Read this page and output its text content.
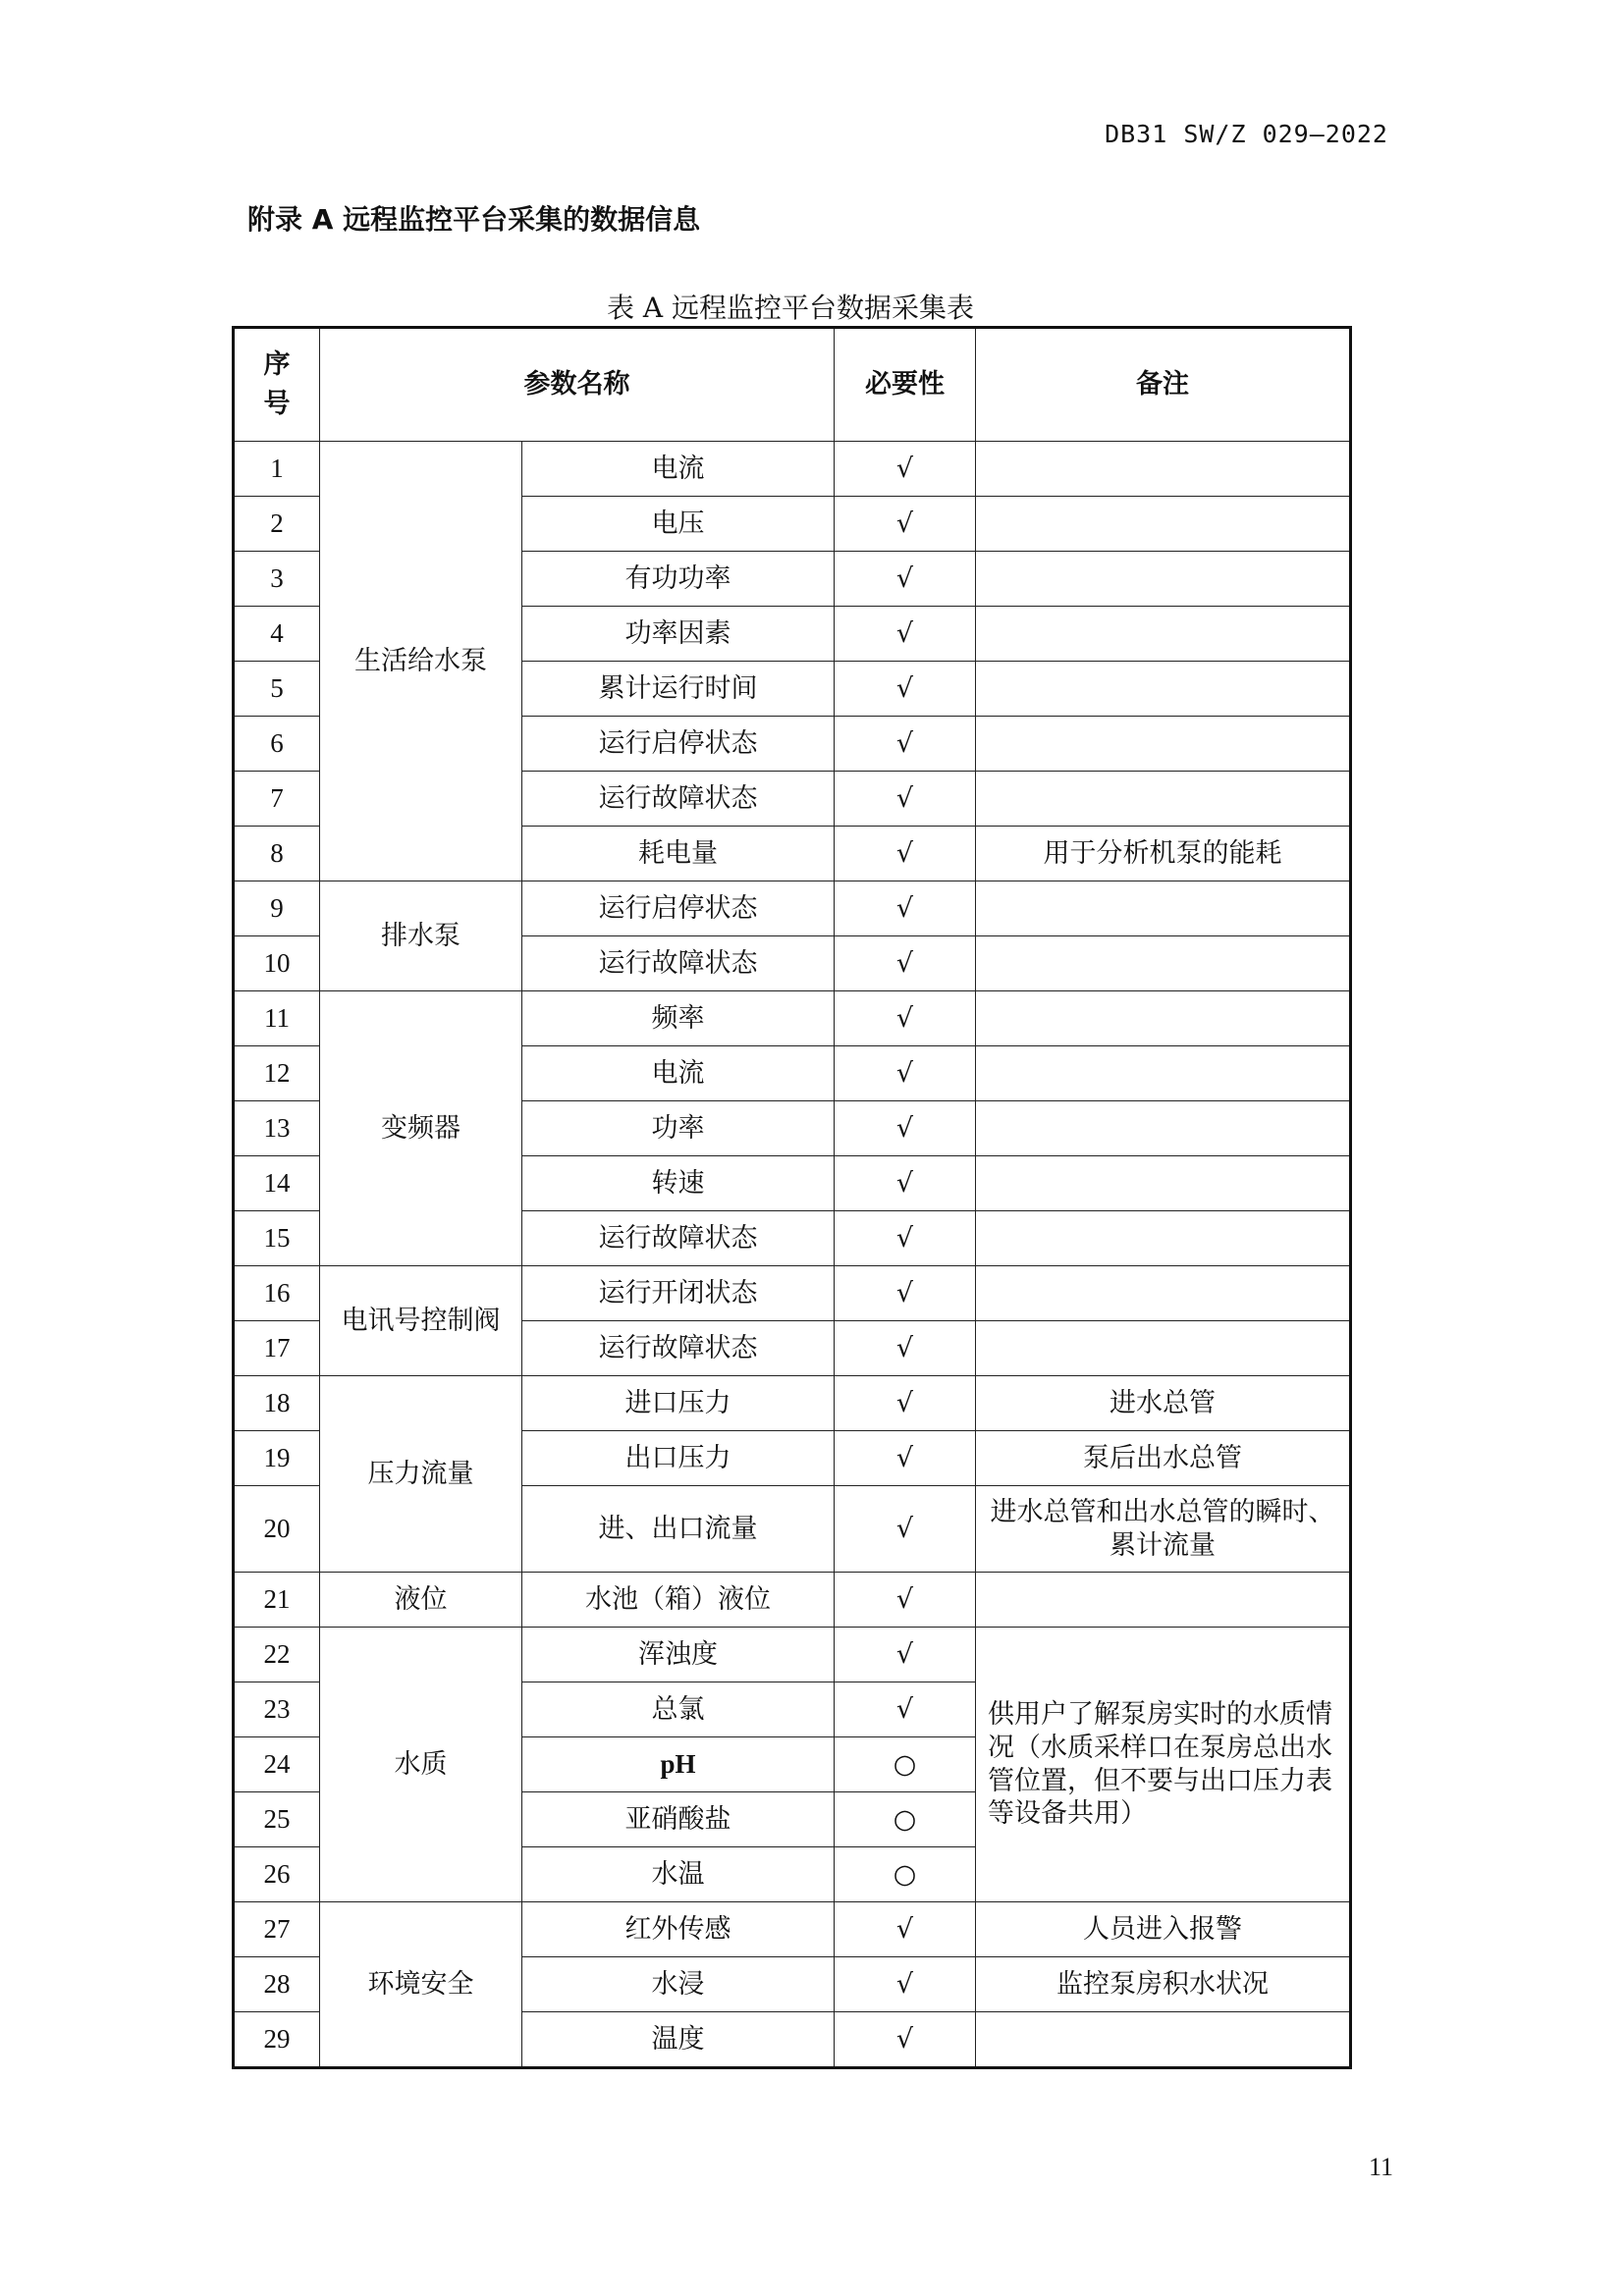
DB31 SW/Z 029—2022
附录 A 远程监控平台采集的数据信息
表 A 远程监控平台数据采集表
序
号	参数名称		必要性	备注
1	生活给水泵	电流	√	
2		电压	√	
3		有功功率	√	
4		功率因素	√	
5		累计运行时间	√	
6		运行启停状态	√	
7		运行故障状态	√	
8		耗电量	√	用于分析机泵的能耗
9	排水泵	运行启停状态	√	
10		运行故障状态	√	
11	变频器	频率	√	
12		电流	√	
13		功率	√	
14		转速	√	
15		运行故障状态	√	
16	电讯号控制阀	运行开闭状态	√	
17		运行故障状态	√	
18	压力流量	进口压力	√	进水总管
19		出口压力	√	泵后出水总管
20		进、出口流量	√	进水总管和出水总管的瞬时、累计流量
21	液位	水池（箱）液位	√	
22	水质	浑浊度	√	供用户了解泵房实时的水质情况（水质采样口在泵房总出水管位置，但不要与出口压力表等设备共用）
23		总氯	√	
24		pH	○	
25		亚硝酸盐	○	
26		水温	○	
27	环境安全	红外传感	√	人员进入报警
28		水浸	√	监控泵房积水状况
29		温度	√	
11
